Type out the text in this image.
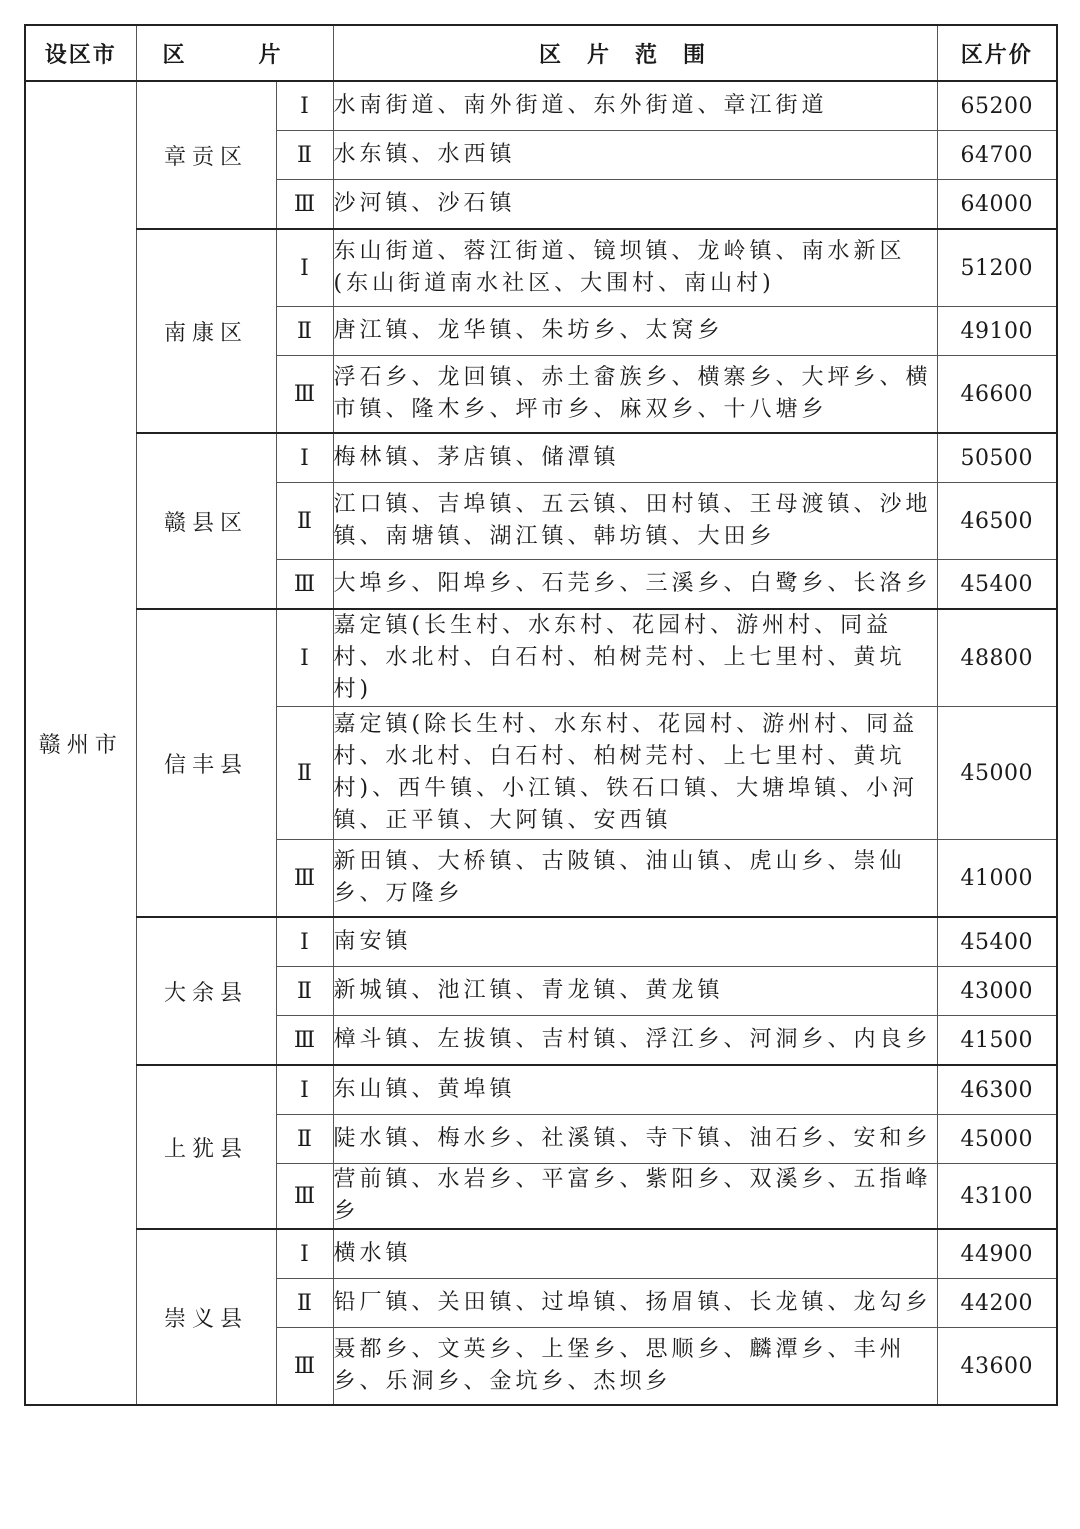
设区市	区　片		区片范围	区片价
赣州市	章贡区	Ⅰ	水南街道、南外街道、东外街道、章江街道	65200
		Ⅱ	水东镇、水西镇	64700
		Ⅲ	沙河镇、沙石镇	64000
	南康区	Ⅰ	东山街道、蓉江街道、镜坝镇、龙岭镇、南水新区(东山街道南水社区、大围村、南山村)	51200
		Ⅱ	唐江镇、龙华镇、朱坊乡、太窝乡	49100
		Ⅲ	浮石乡、龙回镇、赤土畲族乡、横寨乡、大坪乡、横市镇、隆木乡、坪市乡、麻双乡、十八塘乡	46600
	赣县区	Ⅰ	梅林镇、茅店镇、储潭镇	50500
		Ⅱ	江口镇、吉埠镇、五云镇、田村镇、王母渡镇、沙地镇、南塘镇、湖江镇、韩坊镇、大田乡	46500
		Ⅲ	大埠乡、阳埠乡、石芫乡、三溪乡、白鹭乡、长洛乡	45400
	信丰县	Ⅰ	嘉定镇(长生村、水东村、花园村、游州村、同益村、水北村、白石村、柏树芫村、上七里村、黄坑村)	48800
		Ⅱ	嘉定镇(除长生村、水东村、花园村、游州村、同益村、水北村、白石村、柏树芫村、上七里村、黄坑村)、西牛镇、小江镇、铁石口镇、大塘埠镇、小河镇、正平镇、大阿镇、安西镇	45000
		Ⅲ	新田镇、大桥镇、古陂镇、油山镇、虎山乡、崇仙乡、万隆乡	41000
	大余县	Ⅰ	南安镇	45400
		Ⅱ	新城镇、池江镇、青龙镇、黄龙镇	43000
		Ⅲ	樟斗镇、左拔镇、吉村镇、浮江乡、河洞乡、内良乡	41500
	上犹县	Ⅰ	东山镇、黄埠镇	46300
		Ⅱ	陡水镇、梅水乡、社溪镇、寺下镇、油石乡、安和乡	45000
		Ⅲ	营前镇、水岩乡、平富乡、紫阳乡、双溪乡、五指峰乡	43100
	崇义县	Ⅰ	横水镇	44900
		Ⅱ	铅厂镇、关田镇、过埠镇、扬眉镇、长龙镇、龙勾乡	44200
		Ⅲ	聂都乡、文英乡、上堡乡、思顺乡、麟潭乡、丰州乡、乐洞乡、金坑乡、杰坝乡	43600
